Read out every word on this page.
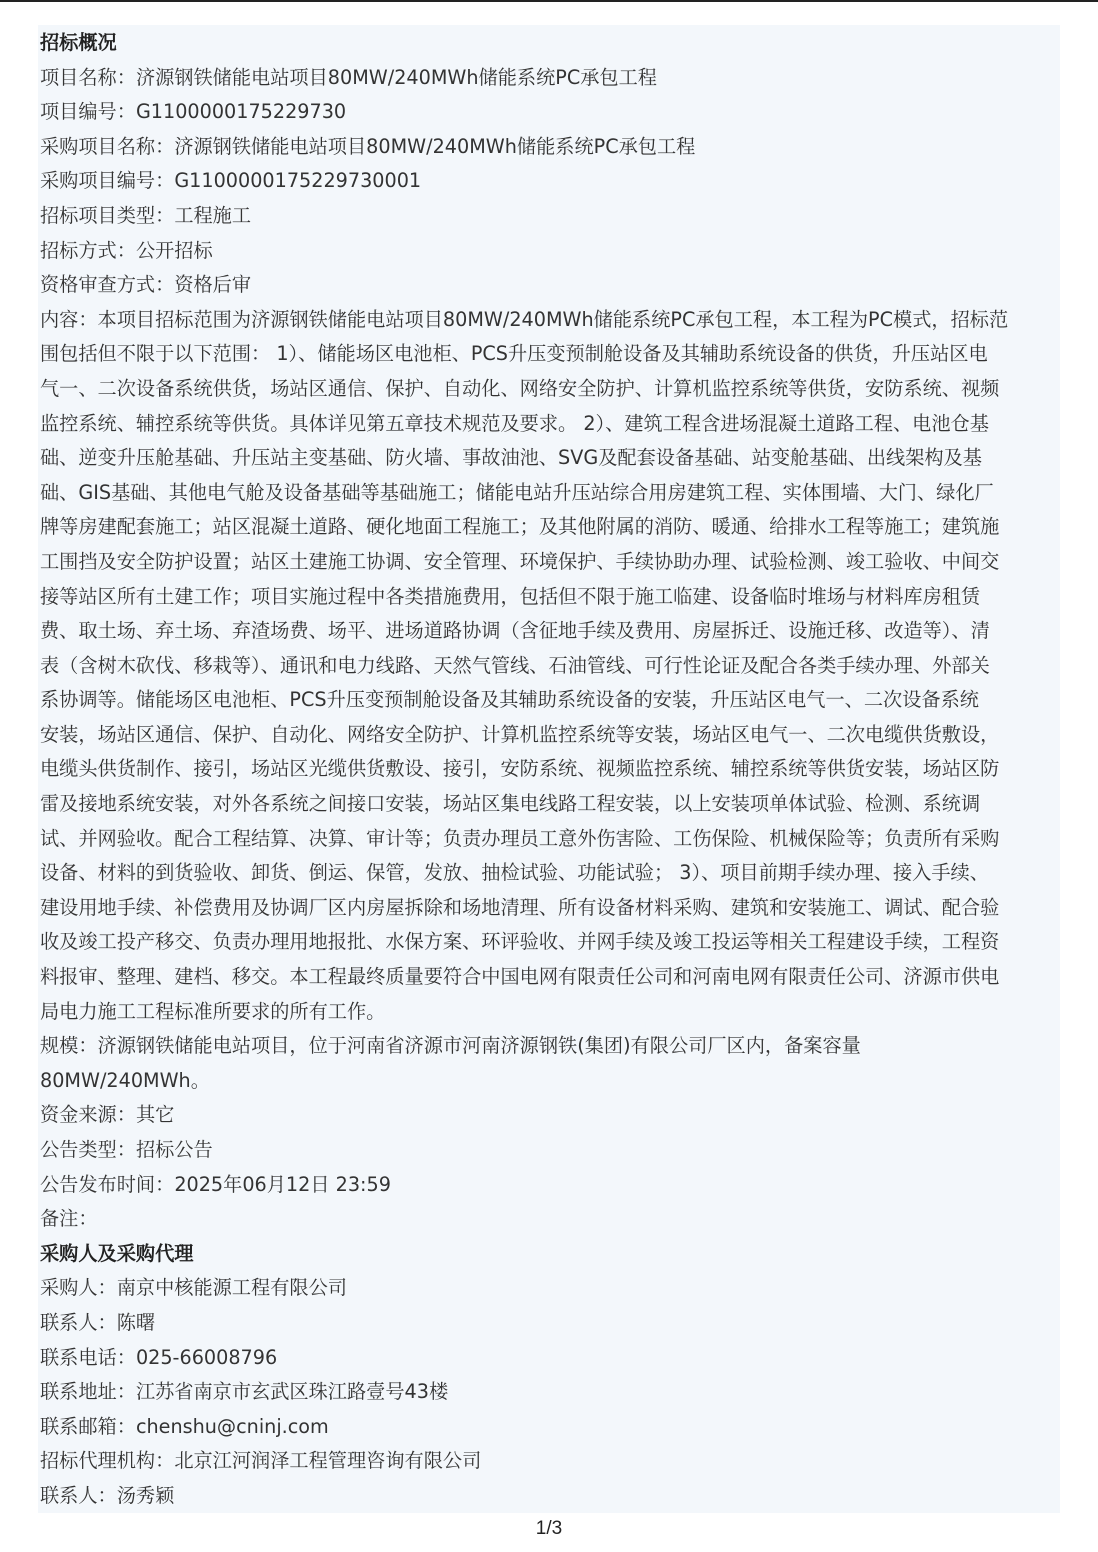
招标概况
项目名称：济源钢铁储能电站项目80MW/240MWh储能系统PC承包工程
项目编号：G1100000175229730
采购项目名称：济源钢铁储能电站项目80MW/240MWh储能系统PC承包工程
采购项目编号：G1100000175229730001
招标项目类型：工程施工
招标方式：公开招标
资格审查方式：资格后审
内容：本项目招标范围为济源钢铁储能电站项目80MW/240MWh储能系统PC承包工程，本工程为PC模式，招标范
围包括但不限于以下范围： 1）、储能场区电池柜、PCS升压变预制舱设备及其辅助系统设备的供货，升压站区电
气一、二次设备系统供货，场站区通信、保护、自动化、网络安全防护、计算机监控系统等供货，安防系统、视频
监控系统、辅控系统等供货。具体详见第五章技术规范及要求。 2）、建筑工程含进场混凝土道路工程、电池仓基
础、逆变升压舱基础、升压站主变基础、防火墙、事故油池、SVG及配套设备基础、站变舱基础、出线架构及基
础、GIS基础、其他电气舱及设备基础等基础施工；储能电站升压站综合用房建筑工程、实体围墙、大门、绿化厂
牌等房建配套施工；站区混凝土道路、硬化地面工程施工；及其他附属的消防、暖通、给排水工程等施工；建筑施
工围挡及安全防护设置；站区土建施工协调、安全管理、环境保护、手续协助办理、试验检测、竣工验收、中间交
接等站区所有土建工作；项目实施过程中各类措施费用，包括但不限于施工临建、设备临时堆场与材料库房租赁
费、取土场、弃土场、弃渣场费、场平、进场道路协调（含征地手续及费用、房屋拆迁、设施迁移、改造等）、清
表（含树木砍伐、移栽等）、通讯和电力线路、天然气管线、石油管线、可行性论证及配合各类手续办理、外部关
系协调等。储能场区电池柜、PCS升压变预制舱设备及其辅助系统设备的安装，升压站区电气一、二次设备系统
安装，场站区通信、保护、自动化、网络安全防护、计算机监控系统等安装，场站区电气一、二次电缆供货敷设，
电缆头供货制作、接引，场站区光缆供货敷设、接引，安防系统、视频监控系统、辅控系统等供货安装，场站区防
雷及接地系统安装，对外各系统之间接口安装，场站区集电线路工程安装，以上安装项单体试验、检测、系统调
试、并网验收。配合工程结算、决算、审计等；负责办理员工意外伤害险、工伤保险、机械保险等；负责所有采购
设备、材料的到货验收、卸货、倒运、保管，发放、抽检试验、功能试验； 3）、项目前期手续办理、接入手续、
建设用地手续、补偿费用及协调厂区内房屋拆除和场地清理、所有设备材料采购、建筑和安装施工、调试、配合验
收及竣工投产移交、负责办理用地报批、水保方案、环评验收、并网手续及竣工投运等相关工程建设手续，工程资
料报审、整理、建档、移交。本工程最终质量要符合中国电网有限责任公司和河南电网有限责任公司、济源市供电
局电力施工工程标准所要求的所有工作。
规模：济源钢铁储能电站项目，位于河南省济源市河南济源钢铁(集团)有限公司厂区内，备案容量
80MW/240MWh。
资金来源：其它
公告类型：招标公告
公告发布时间：2025年06月12日 23:59
备注：
采购人及采购代理
采购人：南京中核能源工程有限公司
联系人：陈曙
联系电话：025-66008796
联系地址：江苏省南京市玄武区珠江路壹号43楼
联系邮箱：chenshu@cninj.com
招标代理机构：北京江河润泽工程管理咨询有限公司
联系人：汤秀颖
1/3
